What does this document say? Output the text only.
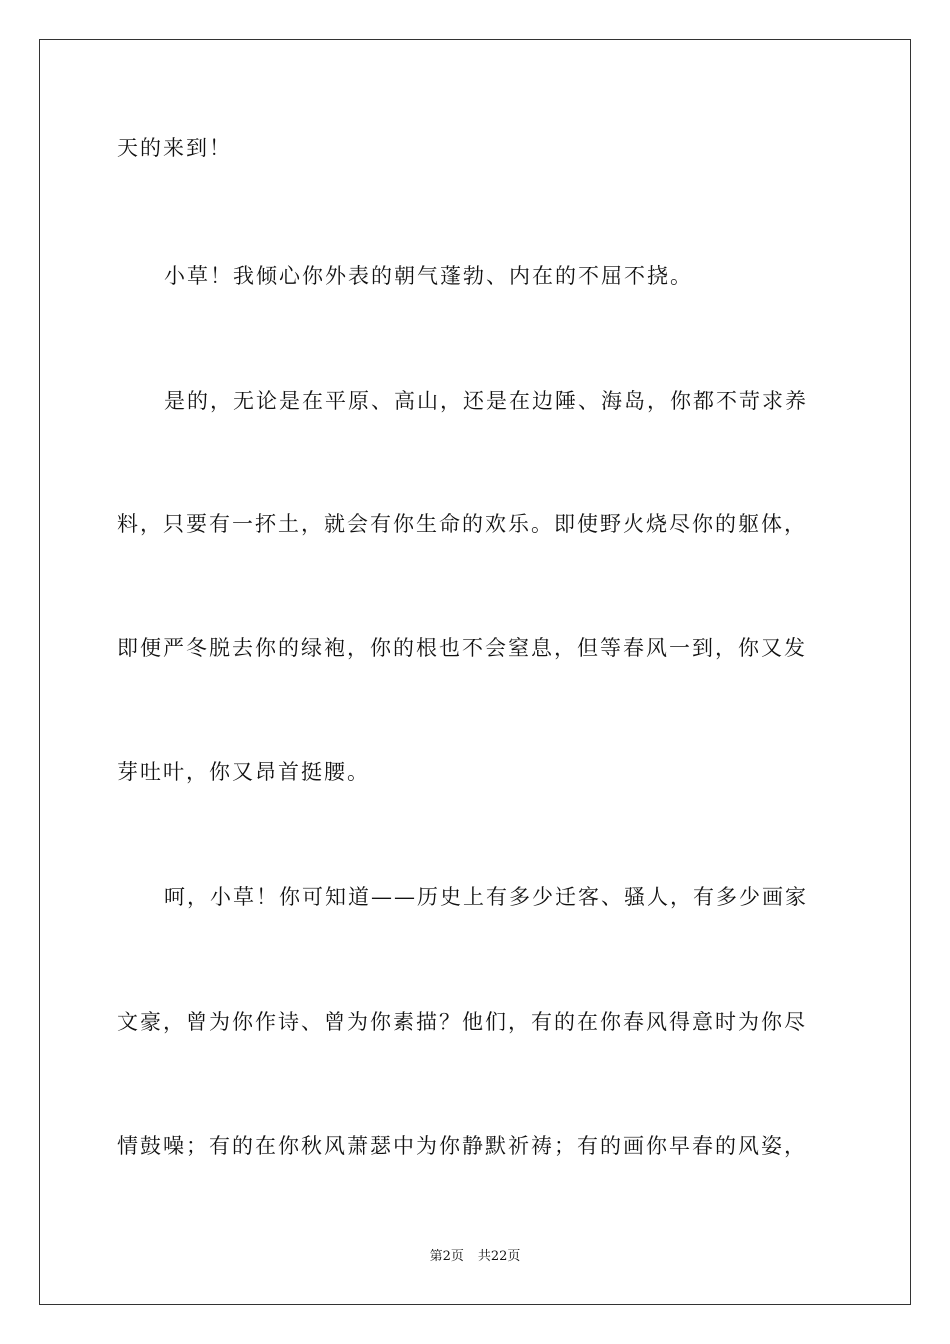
天的来到！

小草！我倾心你外表的朝气蓬勃、内在的不屈不挠。

是的，无论是在平原、高山，还是在边陲、海岛，你都不苛求养

料，只要有一抔土，就会有你生命的欢乐。即使野火烧尽你的躯体，

即便严冬脱去你的绿袍，你的根也不会窒息，但等春风一到，你又发

芽吐叶，你又昂首挺腰。

呵，小草！你可知道——历史上有多少迁客、骚人，有多少画家

文豪，曾为你作诗、曾为你素描？他们，有的在你春风得意时为你尽

情鼓噪；有的在你秋风萧瑟中为你静默祈祷；有的画你早春的风姿，

第2页 共22页
